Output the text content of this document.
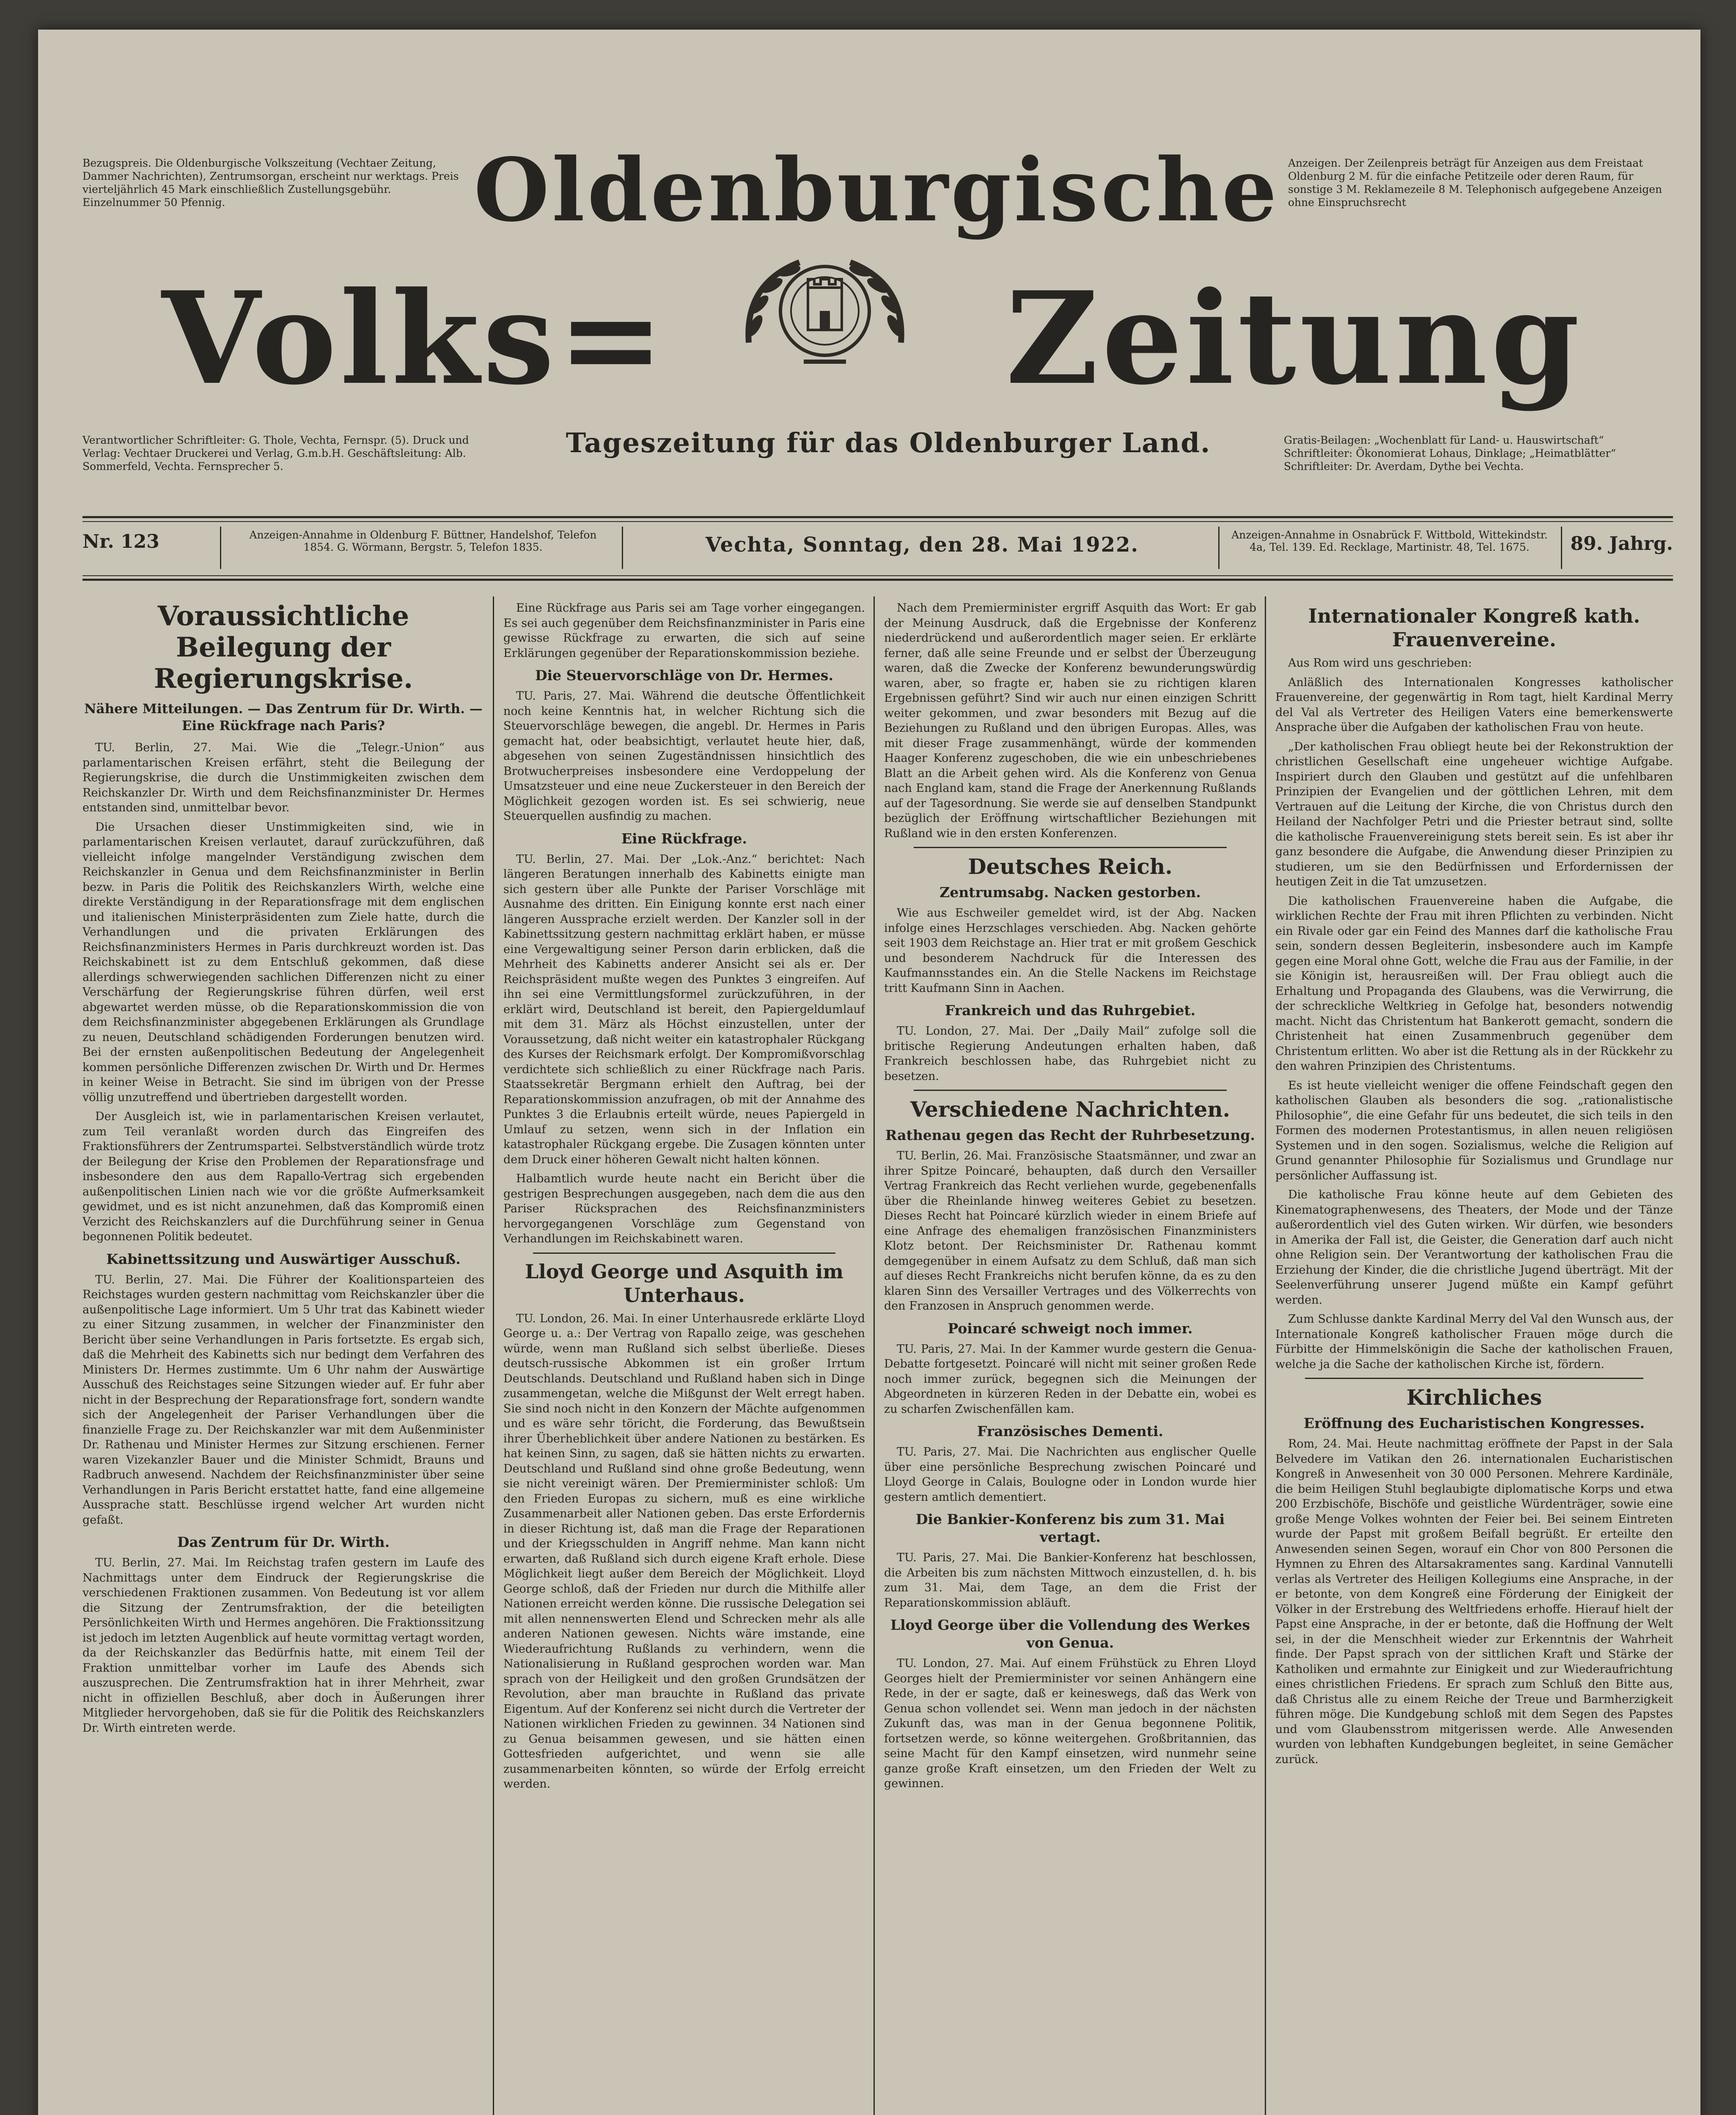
Bezugspreis. Die Oldenburgische Volkszeitung (Vechtaer Zeitung, Dammer Nachrichten), Zentrumsorgan, erscheint nur werktags. Preis vierteljährlich 45 Mark einschließlich Zustellungsgebühr. Einzelnummer 50 Pfennig.
Anzeigen. Der Zeilenpreis beträgt für Anzeigen aus dem Freistaat Oldenburg 2 M. für die einfache Petitzeile oder deren Raum, für sonstige 3 M. Reklamezeile 8 M. Telephonisch aufgegebene Anzeigen ohne Einspruchsrecht
Oldenburgische
Volks=	Zeitung
Tageszeitung für das Oldenburger Land.
Verantwortlicher Schriftleiter: G. Thole, Vechta, Fernspr. (5). Druck und Verlag: Vechtaer Druckerei und Verlag, G.m.b.H. Geschäftsleitung: Alb. Sommerfeld, Vechta. Fernsprecher 5.
Gratis-Beilagen: „Wochenblatt für Land- u. Hauswirtschaft“ Schriftleiter: Ökonomierat Lohaus, Dinklage; „Heimatblätter“ Schriftleiter: Dr. Averdam, Dythe bei Vechta.
Nr. 123	Anzeigen-Annahme in Oldenburg F. Büttner, Handelshof, Telefon 1854. G. Wörmann, Bergstr. 5, Telefon 1835.	Vechta, Sonntag, den 28. Mai 1922.	Anzeigen-Annahme in Osnabrück F. Wittbold, Wittekindstr. 4a, Tel. 139. Ed. Recklage, Martinistr. 48, Tel. 1675.	89. Jahrg.
Voraussichtliche Beilegung der Regierungskrise.
Nähere Mitteilungen. — Das Zentrum für Dr. Wirth. — Eine Rückfrage nach Paris?

TU. Berlin, 27. Mai. Wie die „Telegr.-Union“ aus parlamentarischen Kreisen erfährt, steht die Beilegung der Regierungskrise, die durch die Unstimmigkeiten zwischen dem Reichskanzler Dr. Wirth und dem Reichsfinanzminister Dr. Hermes entstanden sind, unmittelbar bevor.

Die Ursachen dieser Unstimmigkeiten sind, wie in parlamentarischen Kreisen verlautet, darauf zurückzuführen, daß vielleicht infolge mangelnder Verständigung zwischen dem Reichskanzler in Genua und dem Reichsfinanzminister in Berlin bezw. in Paris die Politik des Reichskanzlers Wirth, welche eine direkte Verständigung in der Reparationsfrage mit dem englischen und italienischen Ministerpräsidenten zum Ziele hatte, durch die Verhandlungen und die privaten Erklärungen des Reichsfinanzministers Hermes in Paris durchkreuzt worden ist. Das Reichskabinett ist zu dem Entschluß gekommen, daß diese allerdings schwerwiegenden sachlichen Differenzen nicht zu einer Verschärfung der Regierungskrise führen dürfen, weil erst abgewartet werden müsse, ob die Reparationskommission die von dem Reichsfinanzminister abgegebenen Erklärungen als Grundlage zu neuen, Deutschland schädigenden Forderungen benutzen wird. Bei der ernsten außenpolitischen Bedeutung der Angelegenheit kommen persönliche Differenzen zwischen Dr. Wirth und Dr. Hermes in keiner Weise in Betracht. Sie sind im übrigen von der Presse völlig unzutreffend und übertrieben dargestellt worden.

Der Ausgleich ist, wie in parlamentarischen Kreisen verlautet, zum Teil veranlaßt worden durch das Eingreifen des Fraktionsführers der Zentrumspartei. Selbstverständlich würde trotz der Beilegung der Krise den Problemen der Reparationsfrage und insbesondere den aus dem Rapallo-Vertrag sich ergebenden außenpolitischen Linien nach wie vor die größte Aufmerksamkeit gewidmet, und es ist nicht anzunehmen, daß das Kompromiß einen Verzicht des Reichskanzlers auf die Durchführung seiner in Genua begonnenen Politik bedeutet.

Kabinettssitzung und Auswärtiger Ausschuß.

TU. Berlin, 27. Mai. Die Führer der Koalitionsparteien des Reichstages wurden gestern nachmittag vom Reichskanzler über die außenpolitische Lage informiert. Um 5 Uhr trat das Kabinett wieder zu einer Sitzung zusammen, in welcher der Finanzminister den Bericht über seine Verhandlungen in Paris fortsetzte. Es ergab sich, daß die Mehrheit des Kabinetts sich nur bedingt dem Verfahren des Ministers Dr. Hermes zustimmte. Um 6 Uhr nahm der Auswärtige Ausschuß des Reichstages seine Sitzungen wieder auf. Er fuhr aber nicht in der Besprechung der Reparationsfrage fort, sondern wandte sich der Angelegenheit der Pariser Verhandlungen über die finanzielle Frage zu. Der Reichskanzler war mit dem Außenminister Dr. Rathenau und Minister Hermes zur Sitzung erschienen. Ferner waren Vizekanzler Bauer und die Minister Schmidt, Brauns und Radbruch anwesend. Nachdem der Reichsfinanzminister über seine Verhandlungen in Paris Bericht erstattet hatte, fand eine allgemeine Aussprache statt. Beschlüsse irgend welcher Art wurden nicht gefaßt.

Das Zentrum für Dr. Wirth.

TU. Berlin, 27. Mai. Im Reichstag trafen gestern im Laufe des Nachmittags unter dem Eindruck der Regierungskrise die verschiedenen Fraktionen zusammen. Von Bedeutung ist vor allem die Sitzung der Zentrumsfraktion, der die beteiligten Persönlichkeiten Wirth und Hermes angehören. Die Fraktionssitzung ist jedoch im letzten Augenblick auf heute vormittag vertagt worden, da der Reichskanzler das Bedürfnis hatte, mit einem Teil der Fraktion unmittelbar vorher im Laufe des Abends sich auszusprechen. Die Zentrumsfraktion hat in ihrer Mehrheit, zwar nicht in offiziellen Beschluß, aber doch in Äußerungen ihrer Mitglieder hervorgehoben, daß sie für die Politik des Reichskanzlers Dr. Wirth eintreten werde.

Eine Rückfrage aus Paris sei am Tage vorher eingegangen. Es sei auch gegenüber dem Reichsfinanzminister in Paris eine gewisse Rückfrage zu erwarten, die sich auf seine Erklärungen gegenüber der Reparationskommission beziehe.

Die Steuervorschläge von Dr. Hermes.

TU. Paris, 27. Mai. Während die deutsche Öffentlichkeit noch keine Kenntnis hat, in welcher Richtung sich die Steuervorschläge bewegen, die angebl. Dr. Hermes in Paris gemacht hat, oder beabsichtigt, verlautet heute hier, daß, abgesehen von seinen Zugeständnissen hinsichtlich des Brotwucherpreises insbesondere eine Verdoppelung der Umsatzsteuer und eine neue Zuckersteuer in den Bereich der Möglichkeit gezogen worden ist. Es sei schwierig, neue Steuerquellen ausfindig zu machen.

Eine Rückfrage.

TU. Berlin, 27. Mai. Der „Lok.-Anz.“ berichtet: Nach längeren Beratungen innerhalb des Kabinetts einigte man sich gestern über alle Punkte der Pariser Vorschläge mit Ausnahme des dritten. Ein Einigung konnte erst nach einer längeren Aussprache erzielt werden. Der Kanzler soll in der Kabinettssitzung gestern nachmittag erklärt haben, er müsse eine Vergewaltigung seiner Person darin erblicken, daß die Mehrheit des Kabinetts anderer Ansicht sei als er. Der Reichspräsident mußte wegen des Punktes 3 eingreifen. Auf ihn sei eine Vermittlungsformel zurückzuführen, in der erklärt wird, Deutschland ist bereit, den Papiergeldumlauf mit dem 31. März als Höchst einzustellen, unter der Voraussetzung, daß nicht weiter ein katastrophaler Rückgang des Kurses der Reichsmark erfolgt. Der Kompromißvorschlag verdichtete sich schließlich zu einer Rückfrage nach Paris. Staatssekretär Bergmann erhielt den Auftrag, bei der Reparationskommission anzufragen, ob mit der Annahme des Punktes 3 die Erlaubnis erteilt würde, neues Papiergeld in Umlauf zu setzen, wenn sich in der Inflation ein katastrophaler Rückgang ergebe. Die Zusagen könnten unter dem Druck einer höheren Gewalt nicht halten können.

Halbamtlich wurde heute nacht ein Bericht über die gestrigen Besprechungen ausgegeben, nach dem die aus den Pariser Rücksprachen des Reichsfinanzministers hervorgegangenen Vorschläge zum Gegenstand von Verhandlungen im Reichskabinett waren.

Lloyd George und Asquith im Unterhaus.

TU. London, 26. Mai. In einer Unterhausrede erklärte Lloyd George u. a.: Der Vertrag von Rapallo zeige, was geschehen würde, wenn man Rußland sich selbst überließe. Dieses deutsch-russische Abkommen ist ein großer Irrtum Deutschlands. Deutschland und Rußland haben sich in Dinge zusammengetan, welche die Mißgunst der Welt erregt haben. Sie sind noch nicht in den Konzern der Mächte aufgenommen und es wäre sehr töricht, die Forderung, das Bewußtsein ihrer Überheblichkeit über andere Nationen zu bestärken. Es hat keinen Sinn, zu sagen, daß sie hätten nichts zu erwarten. Deutschland und Rußland sind ohne große Bedeutung, wenn sie nicht vereinigt wären. Der Premierminister schloß: Um den Frieden Europas zu sichern, muß es eine wirkliche Zusammenarbeit aller Nationen geben. Das erste Erfordernis in dieser Richtung ist, daß man die Frage der Reparationen und der Kriegsschulden in Angriff nehme. Man kann nicht erwarten, daß Rußland sich durch eigene Kraft erhole. Diese Möglichkeit liegt außer dem Bereich der Möglichkeit. Lloyd George schloß, daß der Frieden nur durch die Mithilfe aller Nationen erreicht werden könne. Die russische Delegation sei mit allen nennenswerten Elend und Schrecken mehr als alle anderen Nationen gewesen. Nichts wäre imstande, eine Wiederaufrichtung Rußlands zu verhindern, wenn die Nationalisierung in Rußland gesprochen worden war. Man sprach von der Heiligkeit und den großen Grundsätzen der Revolution, aber man brauchte in Rußland das private Eigentum. Auf der Konferenz sei nicht durch die Vertreter der Nationen wirklichen Frieden zu gewinnen. 34 Nationen sind zu Genua beisammen gewesen, und sie hätten einen Gottesfrieden aufgerichtet, und wenn sie alle zusammenarbeiten könnten, so würde der Erfolg erreicht werden.

Nach dem Premierminister ergriff Asquith das Wort: Er gab der Meinung Ausdruck, daß die Ergebnisse der Konferenz niederdrückend und außerordentlich mager seien. Er erklärte ferner, daß alle seine Freunde und er selbst der Überzeugung waren, daß die Zwecke der Konferenz bewunderungswürdig waren, aber, so fragte er, haben sie zu richtigen klaren Ergebnissen geführt? Sind wir auch nur einen einzigen Schritt weiter gekommen, und zwar besonders mit Bezug auf die Beziehungen zu Rußland und den übrigen Europas. Alles, was mit dieser Frage zusammenhängt, würde der kommenden Haager Konferenz zugeschoben, die wie ein unbeschriebenes Blatt an die Arbeit gehen wird. Als die Konferenz von Genua nach England kam, stand die Frage der Anerkennung Rußlands auf der Tagesordnung. Sie werde sie auf denselben Standpunkt bezüglich der Eröffnung wirtschaftlicher Beziehungen mit Rußland wie in den ersten Konferenzen.

Deutsches Reich.
Zentrumsabg. Nacken gestorben.

Wie aus Eschweiler gemeldet wird, ist der Abg. Nacken infolge eines Herzschlages verschieden. Abg. Nacken gehörte seit 1903 dem Reichstage an. Hier trat er mit großem Geschick und besonderem Nachdruck für die Interessen des Kaufmannsstandes ein. An die Stelle Nackens im Reichstage tritt Kaufmann Sinn in Aachen.

Frankreich und das Ruhrgebiet.

TU. London, 27. Mai. Der „Daily Mail“ zufolge soll die britische Regierung Andeutungen erhalten haben, daß Frankreich beschlossen habe, das Ruhrgebiet nicht zu besetzen.

Verschiedene Nachrichten.
Rathenau gegen das Recht der Ruhrbesetzung.

TU. Berlin, 26. Mai. Französische Staatsmänner, und zwar an ihrer Spitze Poincaré, behaupten, daß durch den Versailler Vertrag Frankreich das Recht verliehen wurde, gegebenenfalls über die Rheinlande hinweg weiteres Gebiet zu besetzen. Dieses Recht hat Poincaré kürzlich wieder in einem Briefe auf eine Anfrage des ehemaligen französischen Finanzministers Klotz betont. Der Reichsminister Dr. Rathenau kommt demgegenüber in einem Aufsatz zu dem Schluß, daß man sich auf dieses Recht Frankreichs nicht berufen könne, da es zu den klaren Sinn des Versailler Vertrages und des Völkerrechts von den Franzosen in Anspruch genommen werde.

Poincaré schweigt noch immer.

TU. Paris, 27. Mai. In der Kammer wurde gestern die Genua-Debatte fortgesetzt. Poincaré will nicht mit seiner großen Rede noch immer zurück, begegnen sich die Meinungen der Abgeordneten in kürzeren Reden in der Debatte ein, wobei es zu scharfen Zwischenfällen kam.

Französisches Dementi.

TU. Paris, 27. Mai. Die Nachrichten aus englischer Quelle über eine persönliche Besprechung zwischen Poincaré und Lloyd George in Calais, Boulogne oder in London wurde hier gestern amtlich dementiert.

Die Bankier-Konferenz bis zum 31. Mai vertagt.

TU. Paris, 27. Mai. Die Bankier-Konferenz hat beschlossen, die Arbeiten bis zum nächsten Mittwoch einzustellen, d. h. bis zum 31. Mai, dem Tage, an dem die Frist der Reparationskommission abläuft.

Lloyd George über die Vollendung des Werkes von Genua.

TU. London, 27. Mai. Auf einem Frühstück zu Ehren Lloyd Georges hielt der Premierminister vor seinen Anhängern eine Rede, in der er sagte, daß er keineswegs, daß das Werk von Genua schon vollendet sei. Wenn man jedoch in der nächsten Zukunft das, was man in der Genua begonnene Politik, fortsetzen werde, so könne weitergehen. Großbritannien, das seine Macht für den Kampf einsetzen, wird nunmehr seine ganze große Kraft einsetzen, um den Frieden der Welt zu gewinnen.

Internationaler Kongreß kath. Frauenvereine.

Aus Rom wird uns geschrieben:

Anläßlich des Internationalen Kongresses katholischer Frauenvereine, der gegenwärtig in Rom tagt, hielt Kardinal Merry del Val als Vertreter des Heiligen Vaters eine bemerkenswerte Ansprache über die Aufgaben der katholischen Frau von heute.

„Der katholischen Frau obliegt heute bei der Rekonstruktion der christlichen Gesellschaft eine ungeheuer wichtige Aufgabe. Inspiriert durch den Glauben und gestützt auf die unfehlbaren Prinzipien der Evangelien und der göttlichen Lehren, mit dem Vertrauen auf die Leitung der Kirche, die von Christus durch den Heiland der Nachfolger Petri und die Priester betraut sind, sollte die katholische Frauenvereinigung stets bereit sein. Es ist aber ihr ganz besondere die Aufgabe, die Anwendung dieser Prinzipien zu studieren, um sie den Bedürfnissen und Erfordernissen der heutigen Zeit in die Tat umzusetzen.

Die katholischen Frauenvereine haben die Aufgabe, die wirklichen Rechte der Frau mit ihren Pflichten zu verbinden. Nicht ein Rivale oder gar ein Feind des Mannes darf die katholische Frau sein, sondern dessen Begleiterin, insbesondere auch im Kampfe gegen eine Moral ohne Gott, welche die Frau aus der Familie, in der sie Königin ist, herausreißen will. Der Frau obliegt auch die Erhaltung und Propaganda des Glaubens, was die Verwirrung, die der schreckliche Weltkrieg in Gefolge hat, besonders notwendig macht. Nicht das Christentum hat Bankerott gemacht, sondern die Christenheit hat einen Zusammenbruch gegenüber dem Christentum erlitten. Wo aber ist die Rettung als in der Rückkehr zu den wahren Prinzipien des Christentums.

Es ist heute vielleicht weniger die offene Feindschaft gegen den katholischen Glauben als besonders die sog. „rationalistische Philosophie“, die eine Gefahr für uns bedeutet, die sich teils in den Formen des modernen Protestantismus, in allen neuen religiösen Systemen und in den sogen. Sozialismus, welche die Religion auf Grund genannter Philosophie für Sozialismus und Grundlage nur persönlicher Auffassung ist.

Die katholische Frau könne heute auf dem Gebieten des Kinematographenwesens, des Theaters, der Mode und der Tänze außerordentlich viel des Guten wirken. Wir dürfen, wie besonders in Amerika der Fall ist, die Geister, die Generation darf auch nicht ohne Religion sein. Der Verantwortung der katholischen Frau die Erziehung der Kinder, die die christliche Jugend überträgt. Mit der Seelenverführung unserer Jugend müßte ein Kampf geführt werden.

Zum Schlusse dankte Kardinal Merry del Val den Wunsch aus, der Internationale Kongreß katholischer Frauen möge durch die Fürbitte der Himmelskönigin die Sache der katholischen Frauen, welche ja die Sache der katholischen Kirche ist, fördern.

Kirchliches
Eröffnung des Eucharistischen Kongresses.

Rom, 24. Mai. Heute nachmittag eröffnete der Papst in der Sala Belvedere im Vatikan den 26. internationalen Eucharistischen Kongreß in Anwesenheit von 30 000 Personen. Mehrere Kardinäle, die beim Heiligen Stuhl beglaubigte diplomatische Korps und etwa 200 Erzbischöfe, Bischöfe und geistliche Würdenträger, sowie eine große Menge Volkes wohnten der Feier bei. Bei seinem Eintreten wurde der Papst mit großem Beifall begrüßt. Er erteilte den Anwesenden seinen Segen, worauf ein Chor von 800 Personen die Hymnen zu Ehren des Altarsakramentes sang. Kardinal Vannutelli verlas als Vertreter des Heiligen Kollegiums eine Ansprache, in der er betonte, von dem Kongreß eine Förderung der Einigkeit der Völker in der Erstrebung des Weltfriedens erhoffe. Hierauf hielt der Papst eine Ansprache, in der er betonte, daß die Hoffnung der Welt sei, in der die Menschheit wieder zur Erkenntnis der Wahrheit finde. Der Papst sprach von der sittlichen Kraft und Stärke der Katholiken und ermahnte zur Einigkeit und zur Wiederaufrichtung eines christlichen Friedens. Er sprach zum Schluß den Bitte aus, daß Christus alle zu einem Reiche der Treue und Barmherzigkeit führen möge. Die Kundgebung schloß mit dem Segen des Papstes und vom Glaubensstrom mitgerissen werde. Alle Anwesenden wurden von lebhaften Kundgebungen begleitet, in seine Gemächer zurück.
